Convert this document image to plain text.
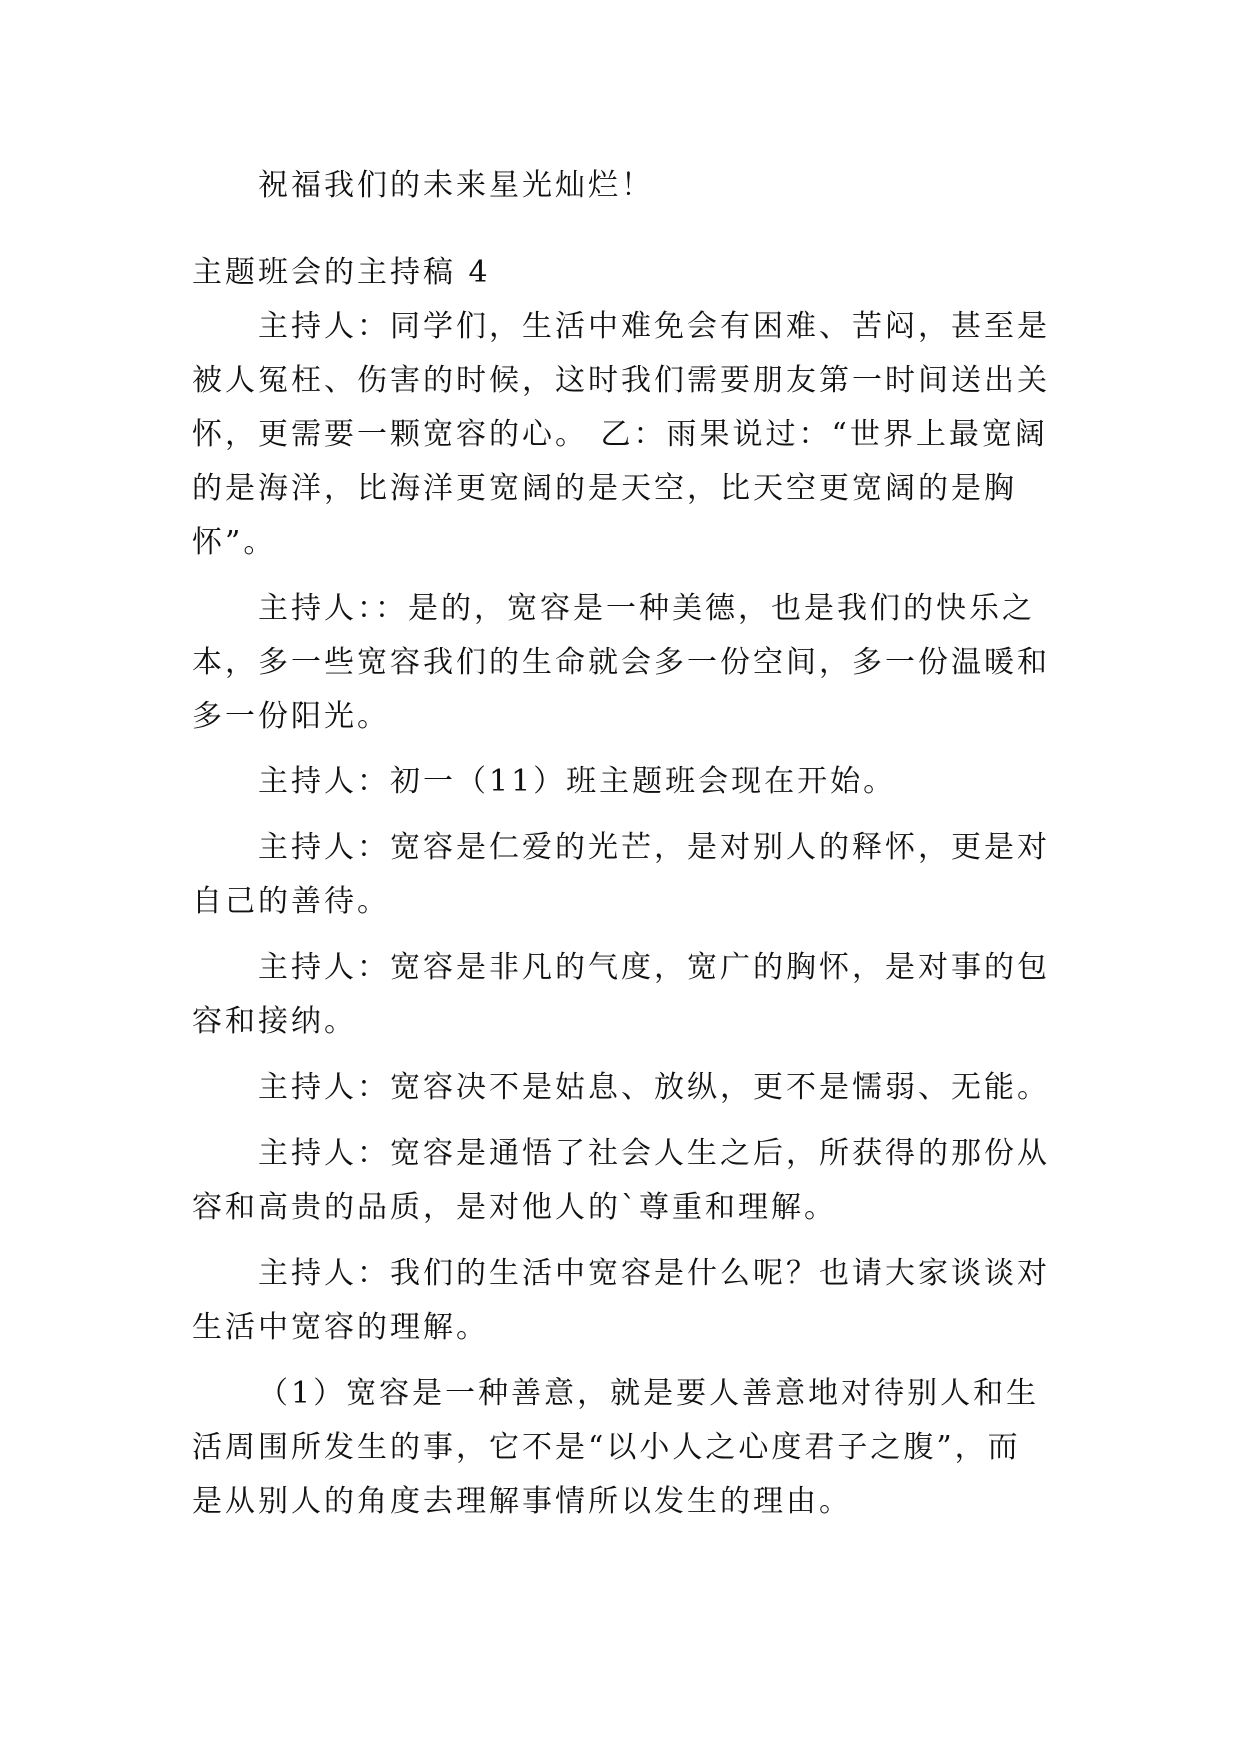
祝福我们的未来星光灿烂！
主题班会的主持稿 4
主持人：同学们，生活中难免会有困难、苦闷，甚至是
被人冤枉、伤害的时候，这时我们需要朋友第一时间送出关
怀，更需要一颗宽容的心。 乙：雨果说过：“世界上最宽阔
的是海洋，比海洋更宽阔的是天空，比天空更宽阔的是胸
怀”。
主持人：：是的，宽容是一种美德，也是我们的快乐之
本，多一些宽容我们的生命就会多一份空间，多一份温暖和
多一份阳光。
主持人：初一（11）班主题班会现在开始。
主持人：宽容是仁爱的光芒，是对别人的释怀，更是对
自己的善待。
主持人：宽容是非凡的气度，宽广的胸怀，是对事的包
容和接纳。
主持人：宽容决不是姑息、放纵，更不是懦弱、无能。
主持人：宽容是通悟了社会人生之后，所获得的那份从
容和高贵的品质，是对他人的`尊重和理解。
主持人：我们的生活中宽容是什么呢？也请大家谈谈对
生活中宽容的理解。
（1）宽容是一种善意，就是要人善意地对待别人和生
活周围所发生的事，它不是“以小人之心度君子之腹”，而
是从别人的角度去理解事情所以发生的理由。
